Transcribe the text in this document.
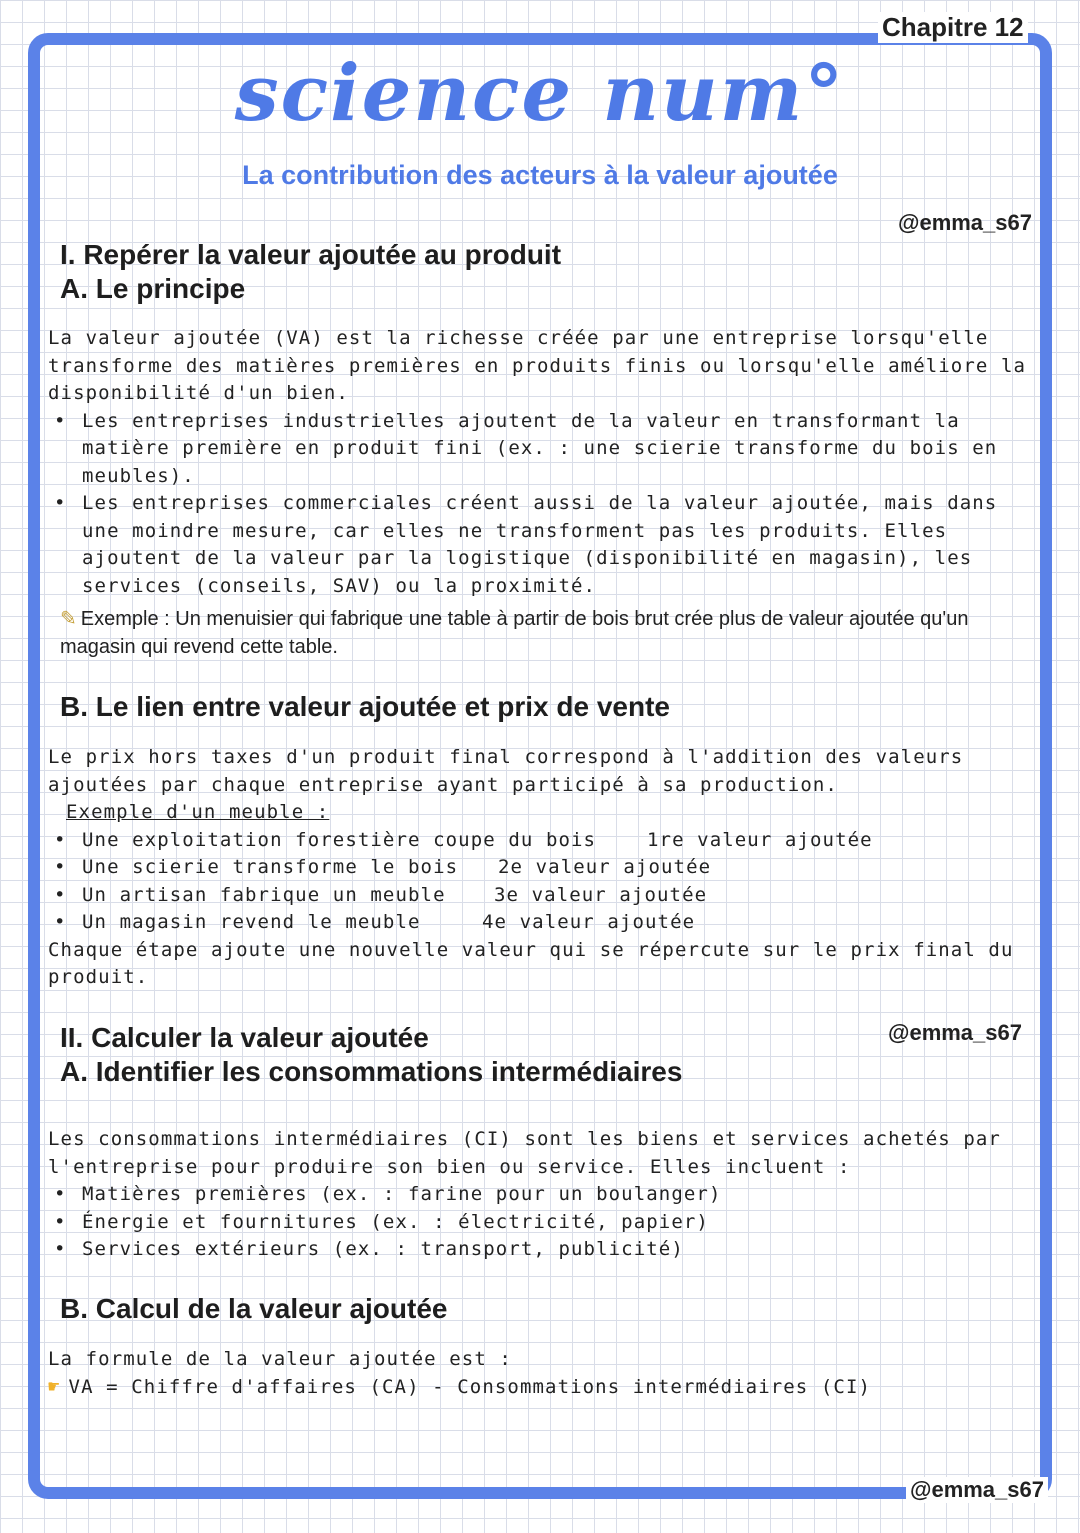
Chapitre 12
science num°
La contribution des acteurs à la valeur ajoutée
@emma_s67
I. Repérer la valeur ajoutée au produit
A. Le principe

La valeur ajoutée (VA) est la richesse créée par une entreprise lorsqu'elle transforme des matières premières en produits finis ou lorsqu'elle améliore la disponibilité d'un bien.

• Les entreprises industrielles ajoutent de la valeur en transformant la matière première en produit fini (ex. : une scierie transforme du bois en meubles).
• Les entreprises commerciales créent aussi de la valeur ajoutée, mais dans une moindre mesure, car elles ne transforment pas les produits. Elles ajoutent de la valeur par la logistique (disponibilité en magasin), les services (conseils, SAV) ou la proximité.
✎ Exemple : Un menuisier qui fabrique une table à partir de bois brut crée plus de valeur ajoutée qu'un magasin qui revend cette table.
B. Le lien entre valeur ajoutée et prix de vente

Le prix hors taxes d'un produit final correspond à l'addition des valeurs ajoutées par chaque entreprise ayant participé à sa production.

Exemple d'un meuble :

• Une exploitation forestière coupe du bois	1re valeur ajoutée
• Une scierie transforme le bois 2e valeur ajoutée
• Un artisan fabrique un meuble	3e valeur ajoutée
• Un magasin revend le meuble	4e valeur ajoutée

Chaque étape ajoute une nouvelle valeur qui se répercute sur le prix final du produit.

@emma_s67
II. Calculer la valeur ajoutée
A. Identifier les consommations intermédiaires

Les consommations intermédiaires (CI) sont les biens et services achetés par l'entreprise pour produire son bien ou service. Elles incluent :

• Matières premières (ex. : farine pour un boulanger)
• Énergie et fournitures (ex. : électricité, papier)
• Services extérieurs (ex. : transport, publicité)
B. Calcul de la valeur ajoutée

La formule de la valeur ajoutée est :

☛ VA = Chiffre d'affaires (CA) - Consommations intermédiaires (CI)

@emma_s67
